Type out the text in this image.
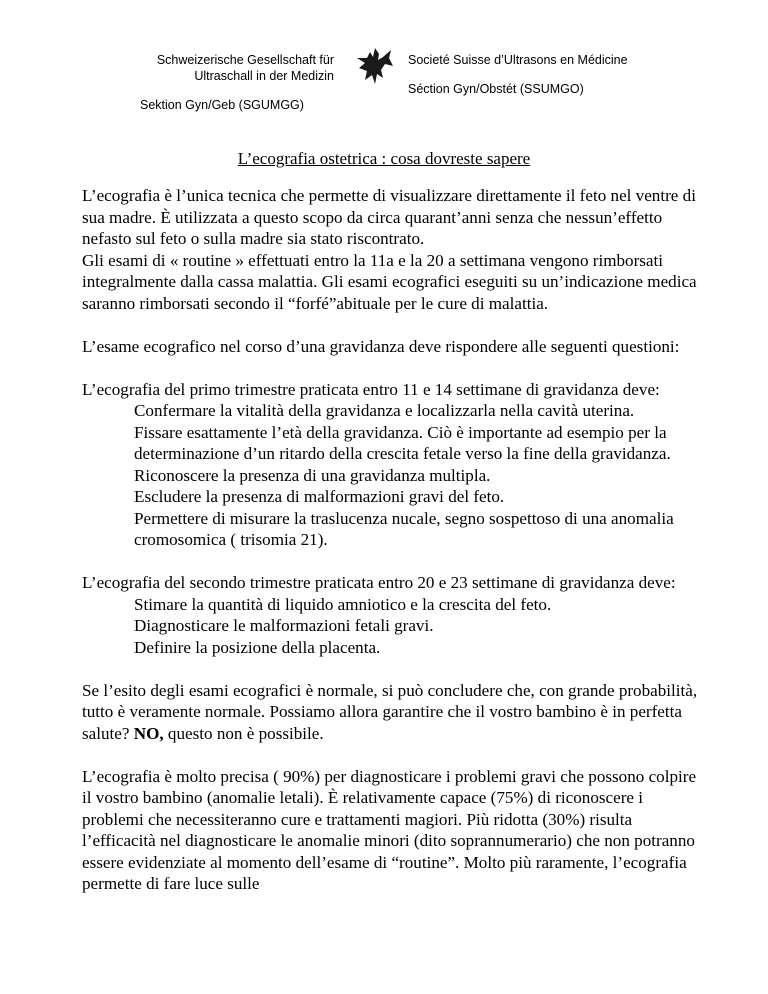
Schweizerische Gesellschaft für
Ultraschall in der Medizin
Sektion Gyn/Geb (SGUMGG)
Societé Suisse d’Ultrasons en Médicine
Séction Gyn/Obstét (SSUMGO)
L’ecografia ostetrica : cosa dovreste sapere

L’ecografia è l’unica tecnica che permette di visualizzare direttamente il feto nel ventre di sua madre. È utilizzata a questo scopo da circa quarant’anni senza che nessun’effetto nefasto sul feto o sulla madre sia stato riscontrato.

Gli esami di « routine » effettuati entro la 11a e la 20 a settimana vengono rimborsati integralmente dalla cassa malattia. Gli esami ecografici eseguiti su un’indicazione medica saranno rimborsati secondo il “forfé”abituale per le cure di malattia.

L’esame ecografico nel corso d’una gravidanza deve rispondere alle seguenti questioni:

L’ecografia del primo trimestre praticata entro 11 e 14 settimane di gravidanza deve:

Confermare la vitalità della gravidanza e localizzarla nella cavità uterina.

Fissare esattamente l’età della gravidanza. Ciò è importante ad esempio per la determinazione d’un ritardo della crescita fetale verso la fine della gravidanza.

Riconoscere la presenza di una gravidanza multipla.

Escludere la presenza di malformazioni gravi del feto.

Permettere di misurare la traslucenza nucale, segno sospettoso di una anomalia cromosomica ( trisomia 21).

L’ecografia del secondo trimestre praticata entro 20 e 23 settimane di gravidanza deve:

Stimare la quantità di liquido amniotico e la crescita del feto.

Diagnosticare le malformazioni fetali gravi.

Definire la posizione della placenta.

Se l’esito degli esami ecografici è normale, si può concludere che, con grande probabilità, tutto è veramente normale. Possiamo allora garantire che il vostro bambino è in perfetta salute? NO, questo non è possibile.

L’ecografia è molto precisa ( 90%) per diagnosticare i problemi gravi che possono colpire il vostro bambino (anomalie letali). È relativamente capace (75%) di riconoscere i problemi che necessiteranno cure e trattamenti magiori. Più ridotta (30%) risulta l’efficacità nel diagnosticare le anomalie minori (dito soprannumerario) che non potranno essere evidenziate al momento dell’esame di “routine”. Molto più raramente, l’ecografia permette di fare luce sulle
